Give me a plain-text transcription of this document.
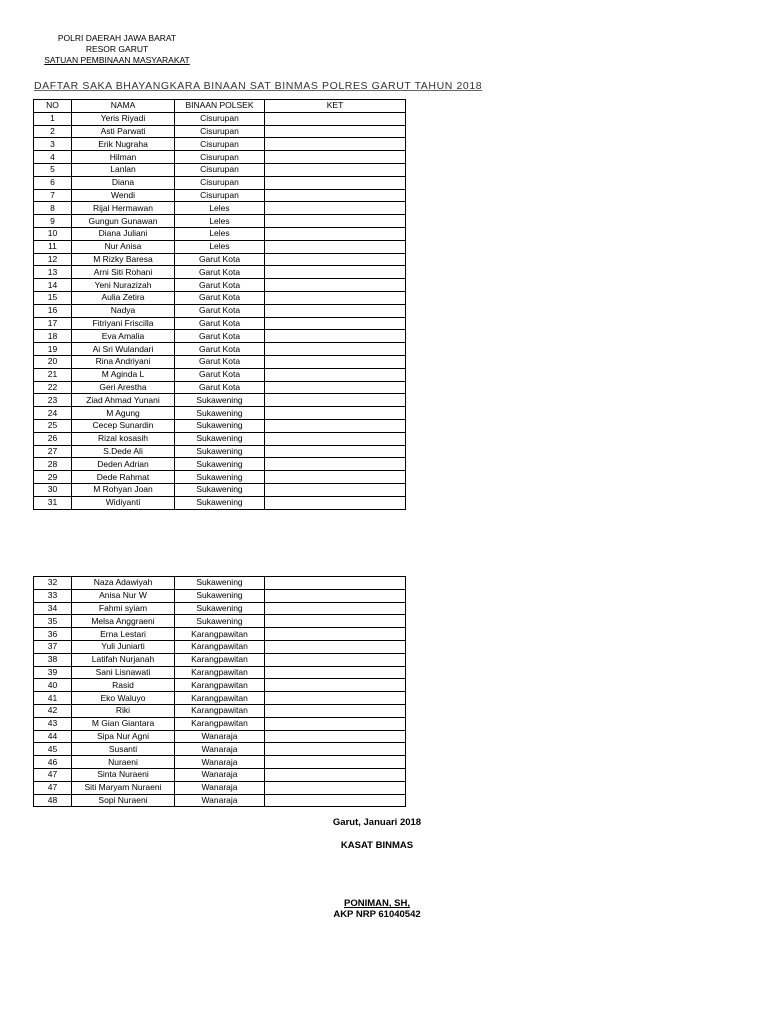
POLRI DAERAH JAWA BARAT
RESOR GARUT
SATUAN PEMBINAAN MASYARAKAT
DAFTAR SAKA BHAYANGKARA BINAAN SAT BINMAS POLRES GARUT TAHUN 2018
NO	NAMA	BINAAN POLSEK	KET
1	Yeris Riyadi	Cisurupan	
2	Asti Parwati	Cisurupan	
3	Erik Nugraha	Cisurupan	
4	Hilman	Cisurupan	
5	Lanlan	Cisurupan	
6	Diana	Cisurupan	
7	Wendi	Cisurupan	
8	Rijal Hermawan	Leles	
9	Gungun Gunawan	Leles	
10	Diana Juliani	Leles	
11	Nur Anisa	Leles	
12	M Rizky Baresa	Garut Kota	
13	Arni Siti Rohani	Garut Kota	
14	Yeni Nurazizah	Garut Kota	
15	Aulia Zetira	Garut Kota	
16	Nadya	Garut Kota	
17	Fitriyani Friscilla	Garut Kota	
18	Eva Amalia	Garut Kota	
19	Ai Sri Wulandari	Garut Kota	
20	Rina Andriyani	Garut Kota	
21	M Aginda L	Garut Kota	
22	Geri Arestha	Garut Kota	
23	Ziad Ahmad Yunani	Sukawening	
24	M Agung	Sukawening	
25	Cecep Sunardin	Sukawening	
26	Rizal kosasih	Sukawening	
27	S.Dede Ali	Sukawening	
28	Deden Adrian	Sukawening	
29	Dede Rahmat	Sukawening	
30	M Rohyan Joan	Sukawening	
31	Widiyanti	Sukawening	
32	Naza Adawiyah	Sukawening	
33	Anisa Nur W	Sukawening	
34	Fahmi syiam	Sukawening	
35	Melsa Anggraeni	Sukawening	
36	Erna Lestari	Karangpawitan	
37	Yuli Juniarti	Karangpawitan	
38	Latifah Nurjanah	Karangpawitan	
39	Sani Lisnawati	Karangpawitan	
40	Rasid	Karangpawitan	
41	Eko Waluyo	Karangpawitan	
42	Riki	Karangpawitan	
43	M Gian Giantara	Karangpawitan	
44	Sipa Nur Agni	Wanaraja	
45	Susanti	Wanaraja	
46	Nuraeni	Wanaraja	
47	Sinta Nuraeni	Wanaraja	
47	Siti Maryam Nuraeni	Wanaraja	
48	Sopi Nuraeni	Wanaraja	
Garut, Januari 2018
KASAT BINMAS
PONIMAN, SH,
AKP NRP 61040542
